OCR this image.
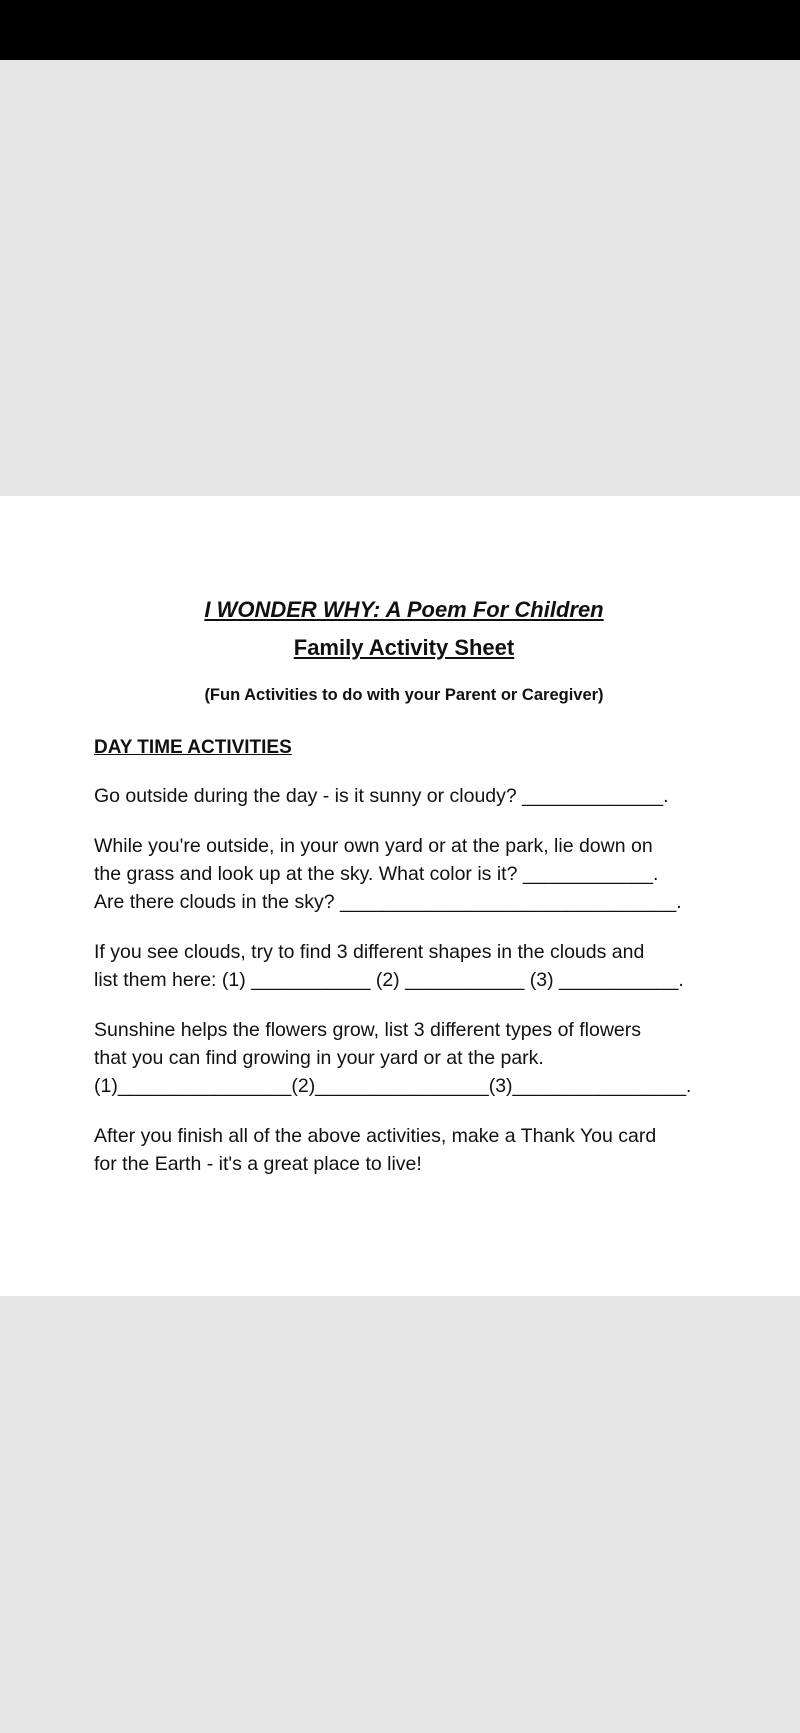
I WONDER WHY: A Poem For Children
Family Activity Sheet

(Fun Activities to do with your Parent or Caregiver)

DAY TIME ACTIVITIES

Go outside during the day - is it sunny or cloudy? _____________.

While you're outside, in your own yard or at the park, lie down on
the grass and look up at the sky. What color is it? ____________.
Are there clouds in the sky? _______________________________.

If you see clouds, try to find 3 different shapes in the clouds and
list them here: (1) ___________ (2) ___________ (3) ___________.

Sunshine helps the flowers grow, list 3 different types of flowers
that you can find growing in your yard or at the park.
(1)________________(2)________________(3)________________.

After you finish all of the above activities, make a Thank You card
for the Earth - it's a great place to live!
